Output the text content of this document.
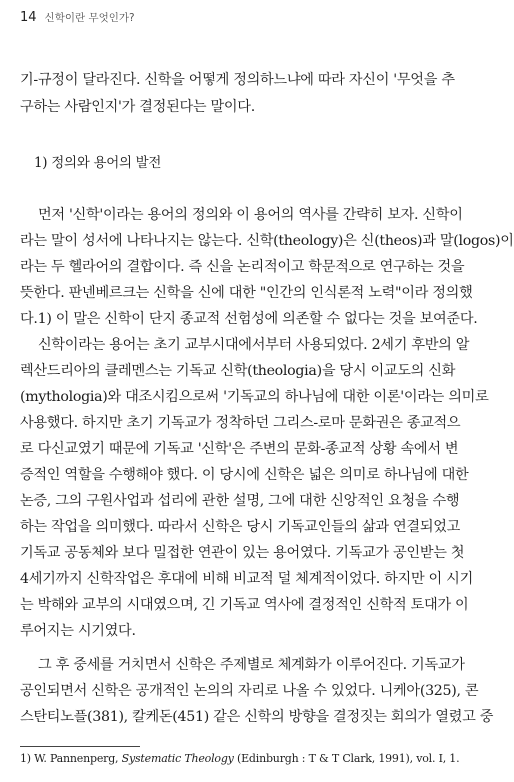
14 신학이란 무엇인가?
기-규정이 달라진다. 신학을 어떻게 정의하느냐에 따라 자신이 '무엇을 추
구하는 사람인지'가 결정된다는 말이다.
1) 정의와 용어의 발전
먼저 '신학'이라는 용어의 정의와 이 용어의 역사를 간략히 보자. 신학이
라는 말이 성서에 나타나지는 않는다. 신학(theology)은 신(theos)과 말(logos)이
라는 두 헬라어의 결합이다. 즉 신을 논리적이고 학문적으로 연구하는 것을
뜻한다. 판넨베르크는 신학을 신에 대한 "인간의 인식론적 노력"이라 정의했
다.1) 이 말은 신학이 단지 종교적 선험성에 의존할 수 없다는 것을 보여준다.
신학이라는 용어는 초기 교부시대에서부터 사용되었다. 2세기 후반의 알
렉산드리아의 클레멘스는 기독교 신학(theologia)을 당시 이교도의 신화
(mythologia)와 대조시킴으로써 '기독교의 하나님에 대한 이론'이라는 의미로
사용했다. 하지만 초기 기독교가 정착하던 그리스-로마 문화권은 종교적으
로 다신교였기 때문에 기독교 '신학'은 주변의 문화-종교적 상황 속에서 변
증적인 역할을 수행해야 했다. 이 당시에 신학은 넓은 의미로 하나님에 대한
논증, 그의 구원사업과 섭리에 관한 설명, 그에 대한 신앙적인 요청을 수행
하는 작업을 의미했다. 따라서 신학은 당시 기독교인들의 삶과 연결되었고
기독교 공동체와 보다 밀접한 연관이 있는 용어였다. 기독교가 공인받는 첫
4세기까지 신학작업은 후대에 비해 비교적 덜 체계적이었다. 하지만 이 시기
는 박해와 교부의 시대였으며, 긴 기독교 역사에 결정적인 신학적 토대가 이
루어지는 시기였다.
그 후 중세를 거치면서 신학은 주제별로 체계화가 이루어진다. 기독교가
공인되면서 신학은 공개적인 논의의 자리로 나올 수 있었다. 니케아(325), 콘
스탄티노플(381), 칼케돈(451) 같은 신학의 방향을 결정짓는 회의가 열렸고 중
1) W. Pannenperg, Systematic Theology (Edinburgh : T & T Clark, 1991), vol. I, 1.
